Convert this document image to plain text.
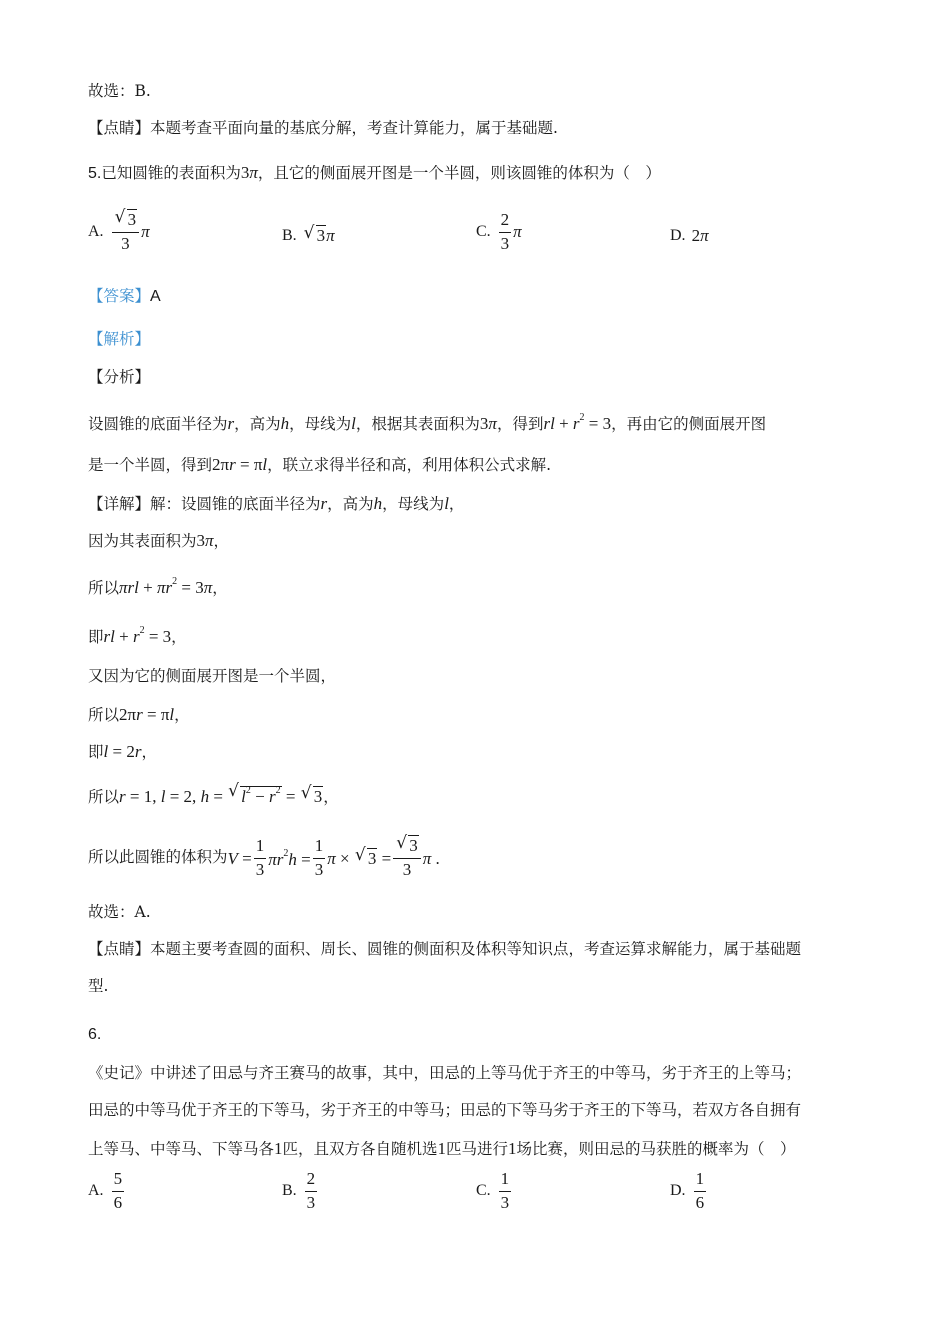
故选：B.
【点睛】本题考查平面向量的基底分解，考查计算能力，属于基础题.
5.已知圆锥的表面积为3π，且它的侧面展开图是一个半圆，则该圆锥的体积为（　）
A. √ $\frac{3}{3}$ π	B.	√ 3π	C. $\frac{2}{3}$ π	D. 2π
【答案】A
【解析】
【分析】
设圆锥的底面半径为r，高为h，母线为l，根据其表面积为3π，得到rl + $r^2 = 3$，再由它的侧面展开图
是一个半圆，得到2πr = πl，联立求得半径和高，利用体积公式求解.
【详解】解：设圆锥的底面半径为r，高为h，母线为l，
因为其表面积为3π，
所以$\pi rl + \pi r^2 = 3\pi$，
即rl + $r^2 = 3$，
又因为它的侧面展开图是一个半圆，
所以2πr = πl，
即l = 2r，
所以r = 1, l = 2, h = √ $l^2 - r^2$ = √ 3，
所以此圆锥的体积为 $V = \frac{1}{3} \pi r^2h = \frac{1}{3}$ π × √ 3 = √ $\frac{3}{3}$ π .
故选：A.
【点睛】本题主要考查圆的面积、周长、圆锥的侧面积及体积等知识点，考查运算求解能力，属于基础题
型.
6.
《史记》中讲述了田忌与齐王赛马的故事，其中，田忌的上等马优于齐王的中等马，劣于齐王的上等马；
田忌的中等马优于齐王的下等马，劣于齐王的中等马；田忌的下等马劣于齐王的下等马，若双方各自拥有
上等马、中等马、下等马各1匹，且双方各自随机选1匹马进行1场比赛，则田忌的马获胜的概率为（　）
A. $\frac{5}{6}$	B. $\frac{2}{3}$	C. $\frac{1}{3}$	D. $\frac{1}{6}$
